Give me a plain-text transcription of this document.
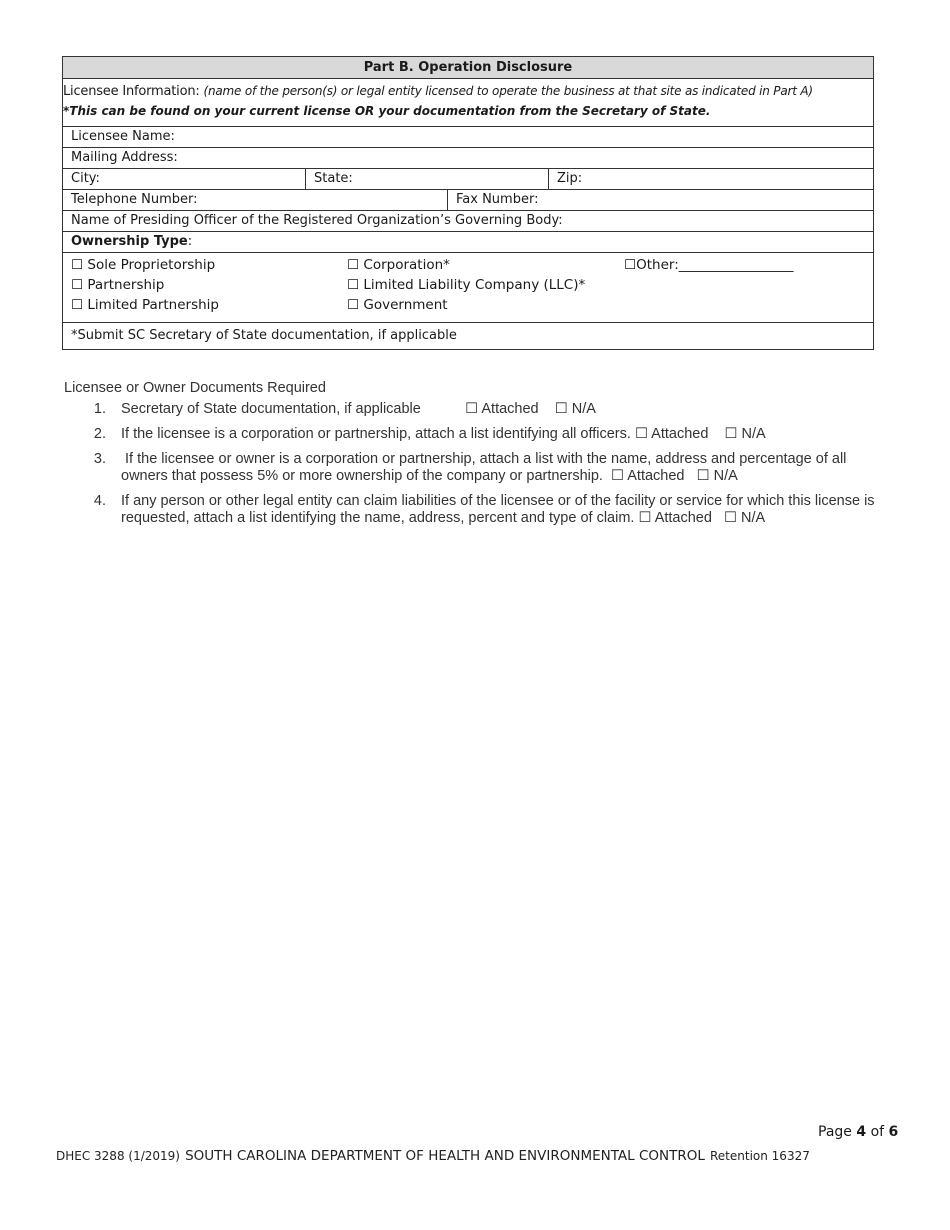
Part B. Operation Disclosure
Licensee Information: (name of the person(s) or legal entity licensed to operate the business at that site as indicated in Part A)
*This can be found on your current license OR your documentation from the Secretary of State.
Licensee Name:
Mailing Address:
City:	State:	Zip:
Telephone Number:	Fax Number:
Name of Presiding Officer of the Registered Organization’s Governing Body:
Ownership Type:
☐ Sole Proprietorship	☐ Corporation*	☐Other:_________________
☐ Partnership	☐ Limited Liability Company (LLC)*
☐ Limited Partnership	☐ Government
*Submit SC Secretary of State documentation, if applicable
Licensee or Owner Documents Required
1.	Secretary of State documentation, if applicable           ☐ Attached    ☐ N/A
2.	If the licensee is a corporation or partnership, attach a list identifying all officers. ☐ Attached    ☐ N/A
3.	If the licensee or owner is a corporation or partnership, attach a list with the name, address and percentage of all owners that possess 5% or more ownership of the company or partnership.  ☐ Attached   ☐ N/A
4.	If any person or other legal entity can claim liabilities of the licensee or of the facility or service for which this license is requested, attach a list identifying the name, address, percent and type of claim. ☐ Attached   ☐ N/A
Page 4 of 6
DHEC 3288 (1/2019) SOUTH CAROLINA DEPARTMENT OF HEALTH AND ENVIRONMENTAL CONTROL Retention 16327
